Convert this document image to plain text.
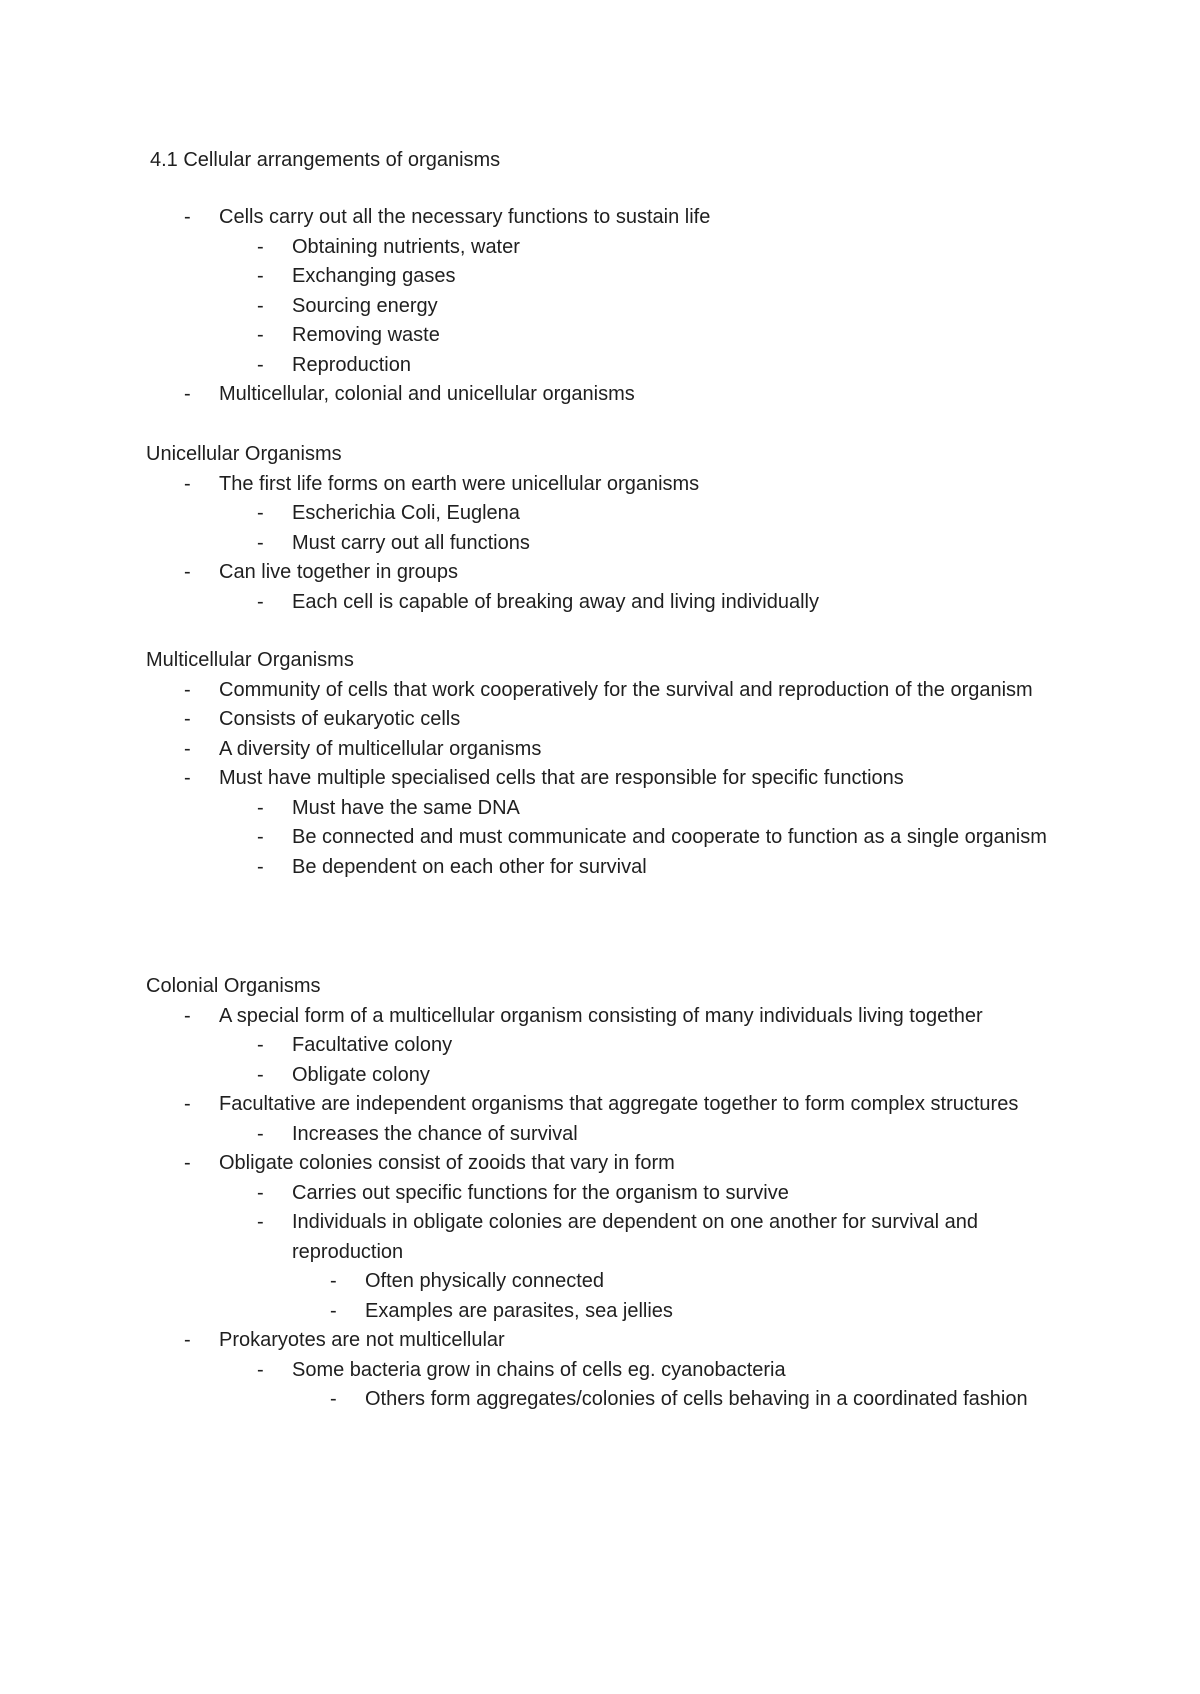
4.1 Cellular arrangements of organisms
- Cells carry out all the necessary functions to sustain life
- Obtaining nutrients, water
- Exchanging gases
- Sourcing energy
- Removing waste
- Reproduction
- Multicellular, colonial and unicellular organisms
Unicellular Organisms
- The first life forms on earth were unicellular organisms
- Escherichia Coli, Euglena
- Must carry out all functions
- Can live together in groups
- Each cell is capable of breaking away and living individually
Multicellular Organisms
- Community of cells that work cooperatively for the survival and reproduction of the organism
- Consists of eukaryotic cells
- A diversity of multicellular organisms
- Must have multiple specialised cells that are responsible for specific functions
- Must have the same DNA
- Be connected and must communicate and cooperate to function as a single organism
- Be dependent on each other for survival
Colonial Organisms
- A special form of a multicellular organism consisting of many individuals living together
- Facultative colony
- Obligate colony
- Facultative are independent organisms that aggregate together to form complex structures
- Increases the chance of survival
- Obligate colonies consist of zooids that vary in form
- Carries out specific functions for the organism to survive
- Individuals in obligate colonies are dependent on one another for survival and reproduction
- Often physically connected
- Examples are parasites, sea jellies
- Prokaryotes are not multicellular
- Some bacteria grow in chains of cells eg. cyanobacteria
- Others form aggregates/colonies of cells behaving in a coordinated fashion
